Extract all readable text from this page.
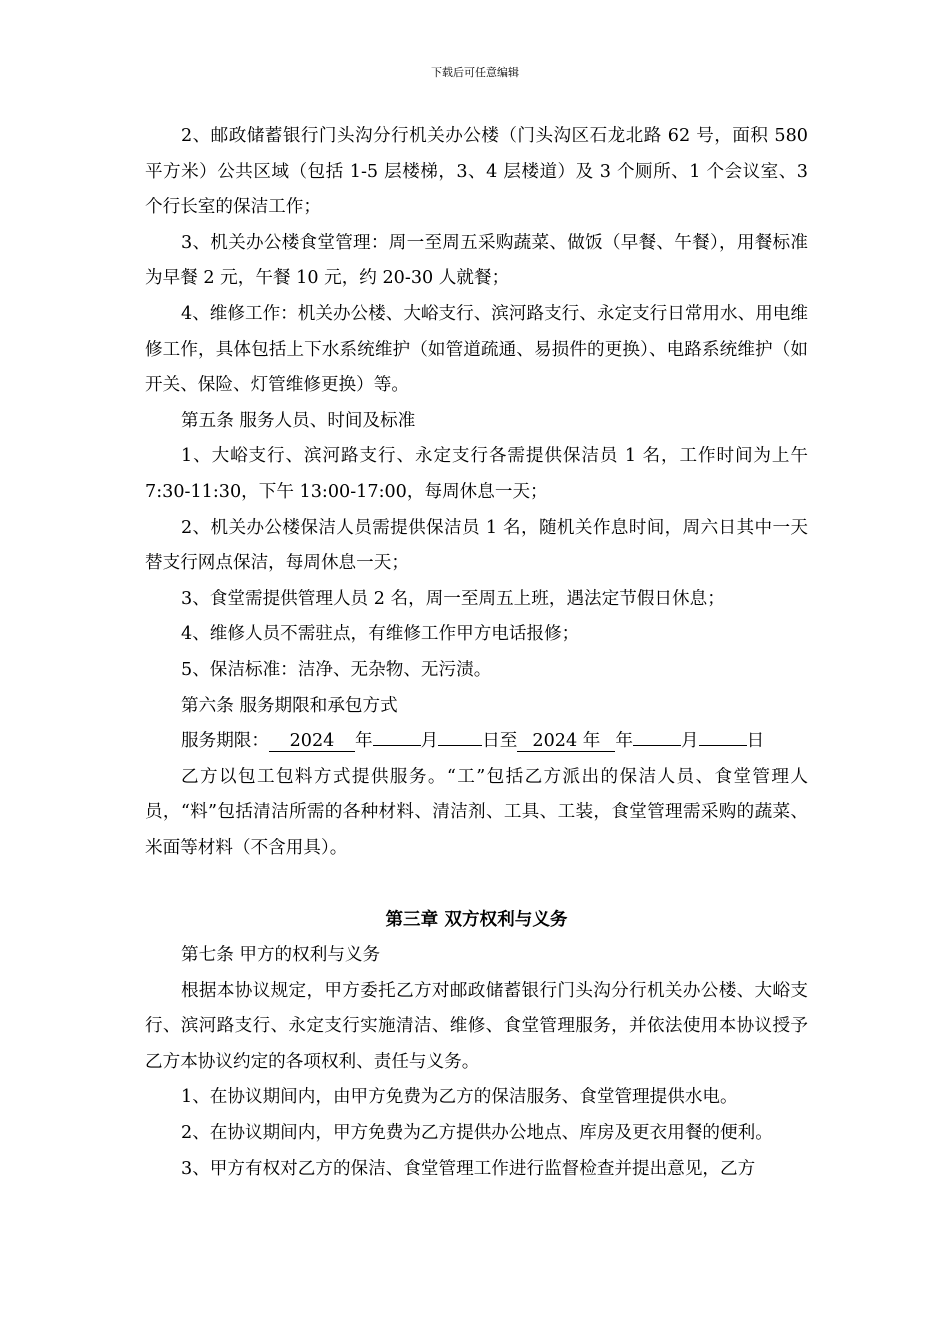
下载后可任意编辑

2、邮政储蓄银行门头沟分行机关办公楼（门头沟区石龙北路 62 号，面积 580 平方米）公共区域（包括 1-5 层楼梯，3、4 层楼道）及 3 个厕所、1 个会议室、3 个行长室的保洁工作；

3、机关办公楼食堂管理：周一至周五采购蔬菜、做饭（早餐、午餐），用餐标准为早餐 2 元，午餐 10 元，约 20-30 人就餐；

4、维修工作：机关办公楼、大峪支行、滨河路支行、永定支行日常用水、用电维修工作，具体包括上下水系统维护（如管道疏通、易损件的更换）、电路系统维护（如开关、保险、灯管维修更换）等。

第五条 服务人员、时间及标准

1、大峪支行、滨河路支行、永定支行各需提供保洁员 1 名，工作时间为上午 7:30-11:30，下午 13:00-17:00，每周休息一天；

2、机关办公楼保洁人员需提供保洁员 1 名，随机关作息时间，周六日其中一天替支行网点保洁，每周休息一天；

3、食堂需提供管理人员 2 名，周一至周五上班，遇法定节假日休息；

4、维修人员不需驻点，有维修工作甲方电话报修；

5、保洁标准：洁净、无杂物、无污渍。

第六条 服务期限和承包方式

服务期限： 2024 年	月	日至 2024 年 年	月	日

乙方以包工包料方式提供服务。“工”包括乙方派出的保洁人员、食堂管理人员，“料”包括清洁所需的各种材料、清洁剂、工具、工装，食堂管理需采购的蔬菜、米面等材料（不含用具）。

第三章 双方权利与义务

第七条 甲方的权利与义务

根据本协议规定，甲方委托乙方对邮政储蓄银行门头沟分行机关办公楼、大峪支行、滨河路支行、永定支行实施清洁、维修、食堂管理服务，并依法使用本协议授予乙方本协议约定的各项权利、责任与义务。

1、在协议期间内，由甲方免费为乙方的保洁服务、食堂管理提供水电。

2、在协议期间内，甲方免费为乙方提供办公地点、库房及更衣用餐的便利。

3、甲方有权对乙方的保洁、食堂管理工作进行监督检查并提出意见，乙方
